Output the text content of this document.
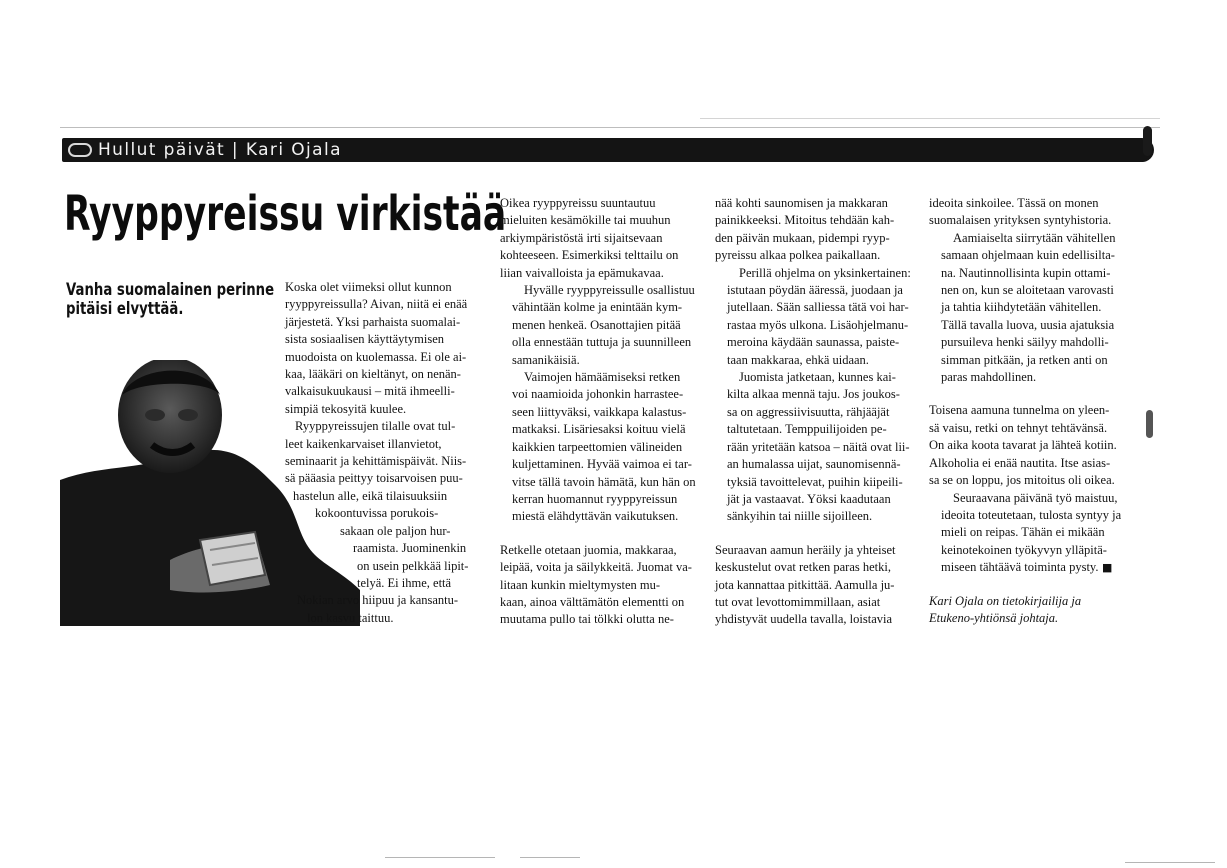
Hullut päivät | Kari Ojala
Ryyppyreissu virkistää
Vanha suomalainen perinne pitäisi elvyttää.
Koska olet viimeksi ollut kunnon
ryyppyreissulla? Aivan, niitä ei enää
järjestetä. Yksi parhaista suomalai-
sista sosiaalisen käyttäytymisen
muodoista on kuolemassa. Ei ole ai-
kaa, lääkäri on kieltänyt, on nenän-
valkaisukuukausi – mitä ihmeelli-
simpiä tekosyitä kuulee.
Ryyppyreissujen tilalle ovat tul-
leet kaikenkarvaiset illanvietot,
seminaarit ja kehittämispäivät. Niis-
sä pääasia peittyy toisarvoisen puu-
hastelun alle, eikä tilaisuuksiin
kokoontuvissa porukois-
sakaan ole paljon hur-
raamista. Juominenkin
on usein pelkkää lipit-
telyä. Ei ihme, että
Nokian arvo hiipuu ja kansantu-
lon kasvu taittuu.

Oikea ryyppyreissu suuntautuu
mieluiten kesämökille tai muuhun
arkiympäristöstä irti sijaitsevaan
kohteeseen. Esimerkiksi telttailu on
liian vaivalloista ja epämukavaa.

Hyvälle ryyppyreissulle osallistuu
vähintään kolme ja enintään kym-
menen henkeä. Osanottajien pitää
olla ennestään tuttuja ja suunnilleen
samanikäisiä.

Vaimojen hämäämiseksi retken
voi naamioida johonkin harrastee-
seen liittyväksi, vaikkapa kalastus-
matkaksi. Lisäriesaksi koituu vielä
kaikkien tarpeettomien välineiden
kuljettaminen. Hyvää vaimoa ei tar-
vitse tällä tavoin hämätä, kun hän on
kerran huomannut ryyppyreissun
miestä elähdyttävän vaikutuksen.

Retkelle otetaan juomia, makkaraa,
leipää, voita ja säilykkeitä. Juomat va-
litaan kunkin mieltymysten mu-
kaan, ainoa välttämätön elementti on
muutama pullo tai tölkki olutta ne-

nää kohti saunomisen ja makkaran
painikkeeksi. Mitoitus tehdään kah-
den päivän mukaan, pidempi ryyp-
pyreissu alkaa polkea paikallaan.

Perillä ohjelma on yksinkertainen:
istutaan pöydän ääressä, juodaan ja
jutellaan. Sään salliessa tätä voi har-
rastaa myös ulkona. Lisäohjelmanu-
meroina käydään saunassa, paiste-
taan makkaraa, ehkä uidaan.

Juomista jatketaan, kunnes kai-
kilta alkaa mennä taju. Jos joukos-
sa on aggressiivisuutta, rähjääjät
taltutetaan. Temppuilijoiden pe-
rään yritetään katsoa – näitä ovat lii-
an humalassa uijat, saunomisennä-
tyksiä tavoittelevat, puihin kiipeili-
jät ja vastaavat. Yöksi kaadutaan
sänkyihin tai niille sijoilleen.

Seuraavan aamun heräily ja yhteiset
keskustelut ovat retken paras hetki,
jota kannattaa pitkittää. Aamulla ju-
tut ovat levottomimmillaan, asiat
yhdistyvät uudella tavalla, loistavia

ideoita sinkoilee. Tässä on monen
suomalaisen yrityksen syntyhistoria.

Aamiaiselta siirrytään vähitellen
samaan ohjelmaan kuin edellisilta-
na. Nautinnollisinta kupin ottami-
nen on, kun se aloitetaan varovasti
ja tahtia kiihdytetään vähitellen.
Tällä tavalla luova, uusia ajatuksia
pursuileva henki säilyy mahdolli-
simman pitkään, ja retken anti on
paras mahdollinen.

Toisena aamuna tunnelma on yleen-
sä vaisu, retki on tehnyt tehtävänsä.
On aika koota tavarat ja lähteä kotiin.
Alkoholia ei enää nautita. Itse asias-
sa se on loppu, jos mitoitus oli oikea.

Seuraavana päivänä työ maistuu,
ideoita toteutetaan, tulosta syntyy ja
mieli on reipas. Tähän ei mikään
keinotekoinen työkyvyn ylläpitä-
miseen tähtäävä toiminta pysty. ■

Kari Ojala on tietokirjailija ja
Etukeno-yhtiönsä johtaja.
